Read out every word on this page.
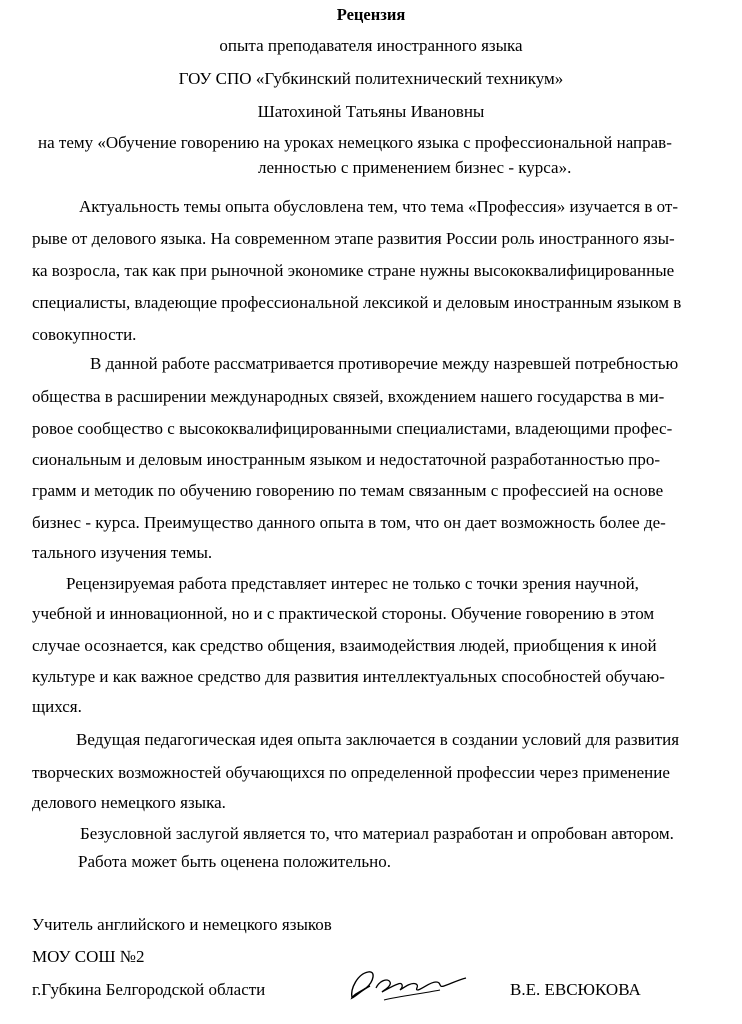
Рецензия
опыта преподавателя иностранного языка
ГОУ СПО «Губкинский политехнический техникум»
Шатохиной Татьяны Ивановны
на тему «Обучение говорению на уроках немецкого языка с профессиональной направ-
ленностью с применением бизнес - курса».
Актуальность темы опыта обусловлена тем, что тема «Профессия» изучается в от-
рыве от делового языка. На современном этапе развития России роль иностранного язы-
ка возросла, так как при рыночной экономике стране нужны высококвалифицированные
специалисты, владеющие профессиональной лексикой и деловым иностранным языком в
совокупности.
В данной работе рассматривается противоречие между назревшей потребностью
общества в расширении международных связей, вхождением нашего государства в ми-
ровое сообщество с высококвалифицированными специалистами, владеющими профес-
сиональным и деловым иностранным языком и недостаточной разработанностью про-
грамм и методик по обучению говорению по темам связанным с профессией на основе
бизнес - курса. Преимущество данного опыта в том, что он дает возможность более де-
тального изучения темы.
Рецензируемая работа представляет интерес не только с точки зрения научной,
учебной и инновационной, но и с практической стороны. Обучение говорению в этом
случае осознается, как средство общения, взаимодействия людей, приобщения к иной
культуре и как важное средство для развития интеллектуальных способностей обучаю-
щихся.
Ведущая педагогическая идея опыта заключается в создании условий для развития
творческих возможностей обучающихся по определенной профессии через применение
делового немецкого языка.
Безусловной заслугой является то, что материал разработан и опробован автором.
Работа может быть оценена положительно.
Учитель английского и немецкого языков
МОУ СОШ №2
г.Губкина Белгородской области	В.Е. ЕВСЮКОВА
